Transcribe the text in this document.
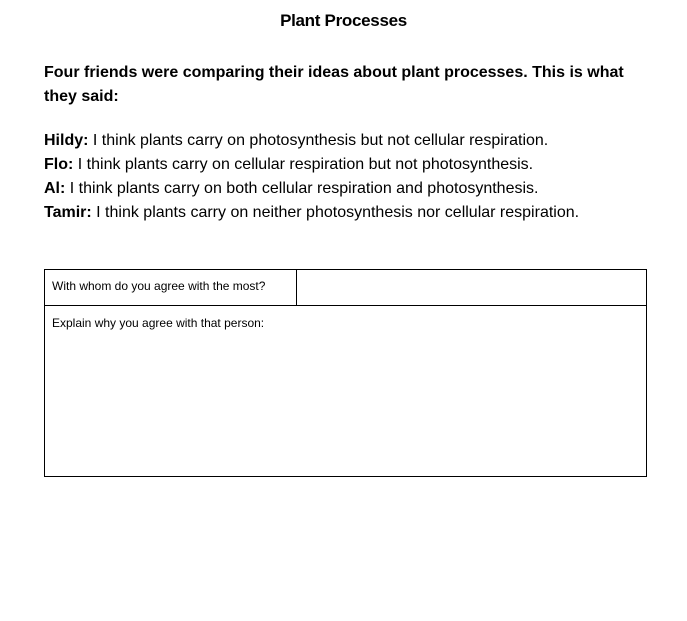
Plant Processes
Four friends were comparing their ideas about plant processes. This is what they said:
Hildy: I think plants carry on photosynthesis but not cellular respiration.
Flo: I think plants carry on cellular respiration but not photosynthesis.
Al: I think plants carry on both cellular respiration and photosynthesis.
Tamir: I think plants carry on neither photosynthesis nor cellular respiration.
With whom do you agree with the most?	
Explain why you agree with that person:
